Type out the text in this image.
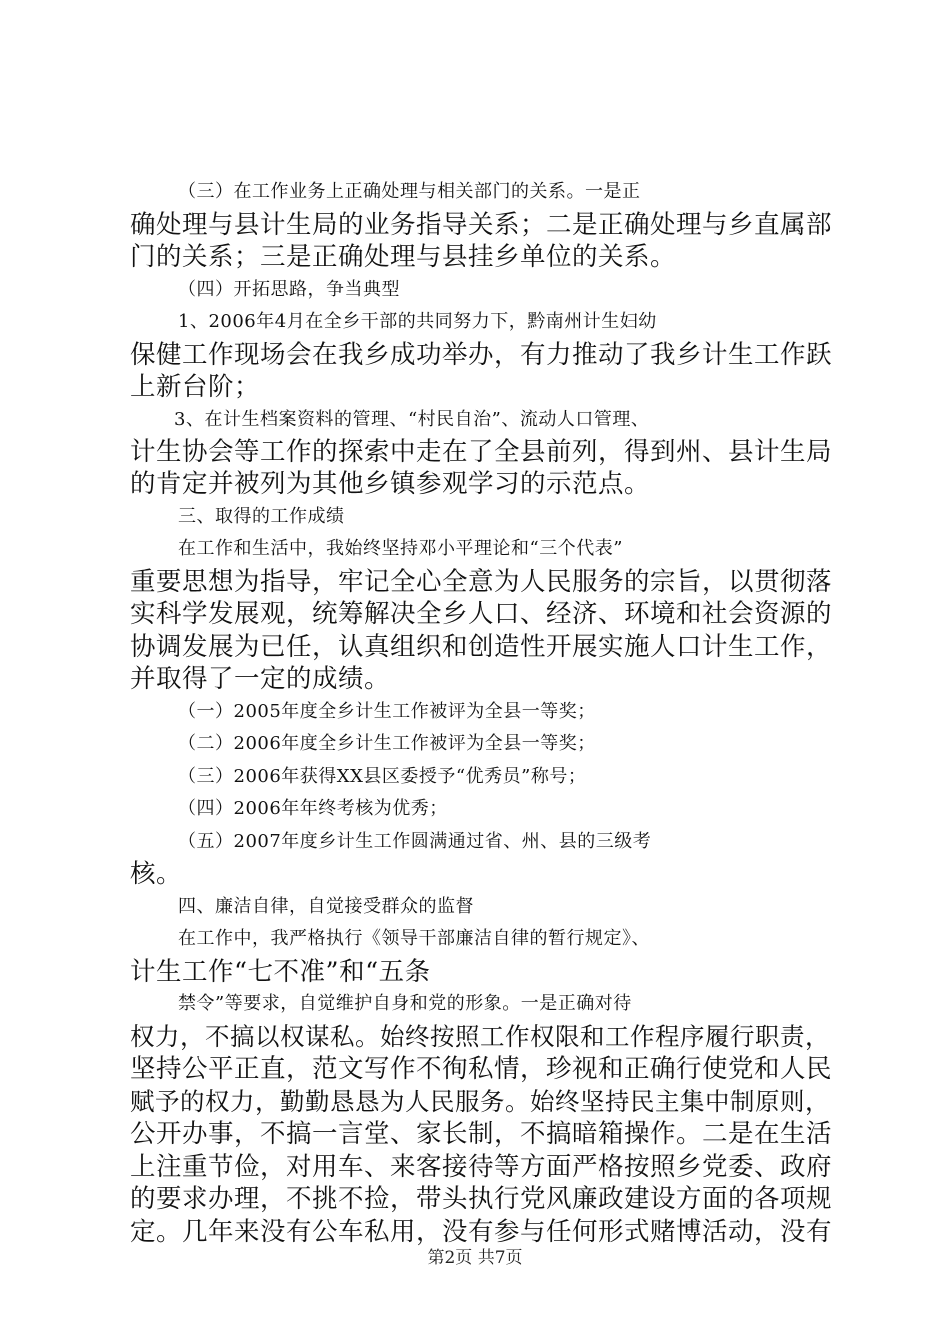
（三）在工作业务上正确处理与相关部门的关系。一是正
确处理与县计生局的业务指导关系；二是正确处理与乡直属部
门的关系；三是正确处理与县挂乡单位的关系。
（四）开拓思路，争当典型
1、2006年4月在全乡干部的共同努力下，黔南州计生妇幼
保健工作现场会在我乡成功举办，有力推动了我乡计生工作跃
上新台阶；
3、在计生档案资料的管理、“村民自治”、流动人口管理、
计生协会等工作的探索中走在了全县前列，得到州、县计生局
的肯定并被列为其他乡镇参观学习的示范点。
三、取得的工作成绩
在工作和生活中，我始终坚持邓小平理论和“三个代表”
重要思想为指导，牢记全心全意为人民服务的宗旨，以贯彻落
实科学发展观，统筹解决全乡人口、经济、环境和社会资源的
协调发展为已任，认真组织和创造性开展实施人口计生工作，
并取得了一定的成绩。
（一）2005年度全乡计生工作被评为全县一等奖；
（二）2006年度全乡计生工作被评为全县一等奖；
（三）2006年获得XX县区委授予“优秀员”称号；
（四）2006年年终考核为优秀；
（五）2007年度乡计生工作圆满通过省、州、县的三级考
核。
四、廉洁自律，自觉接受群众的监督
在工作中，我严格执行《领导干部廉洁自律的暂行规定》、
计生工作“七不准”和“五条
禁令”等要求，自觉维护自身和党的形象。一是正确对待
权力，不搞以权谋私。始终按照工作权限和工作程序履行职责，
坚持公平正直，范文写作不徇私情，珍视和正确行使党和人民
赋予的权力，勤勤恳恳为人民服务。始终坚持民主集中制原则，
公开办事，不搞一言堂、家长制，不搞暗箱操作。二是在生活
上注重节俭，对用车、来客接待等方面严格按照乡党委、政府
的要求办理，不挑不捡，带头执行党风廉政建设方面的各项规
定。几年来没有公车私用，没有参与任何形式赌博活动，没有
第2页 共7页
